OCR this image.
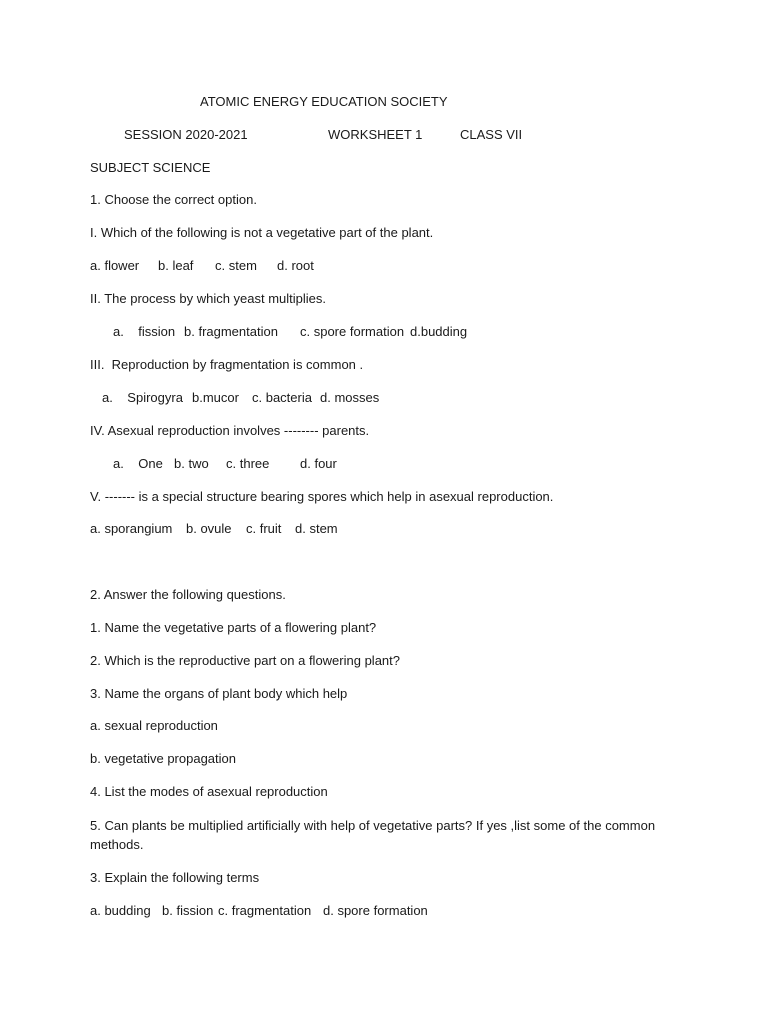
ATOMIC ENERGY EDUCATION SOCIETY
SESSION 2020-2021	WORKSHEET 1	CLASS VII
SUBJECT SCIENCE
1. Choose the correct option.
I. Which of the following is not a vegetative part of the plant.
a. flower b. leaf c. stem d. root
II. The process by which yeast multiplies.
a.    fission b. fragmentation c. spore formation d.budding
III.  Reproduction by fragmentation is common .
a.    Spirogyra b.mucor c. bacteria d. mosses
IV. Asexual reproduction involves -------- parents.
a.    One b. two c. three d. four
V. ------- is a special structure bearing spores which help in asexual reproduction.
a. sporangium b. ovule c. fruit d. stem
2. Answer the following questions.
1. Name the vegetative parts of a flowering plant?
2. Which is the reproductive part on a flowering plant?
3. Name the organs of plant body which help
a. sexual reproduction
b. vegetative propagation
4. List the modes of asexual reproduction
5. Can plants be multiplied artificially with help of vegetative parts? If yes ,list some of the common
methods.
3. Explain the following terms
a. budding b. fission c. fragmentation d. spore formation
